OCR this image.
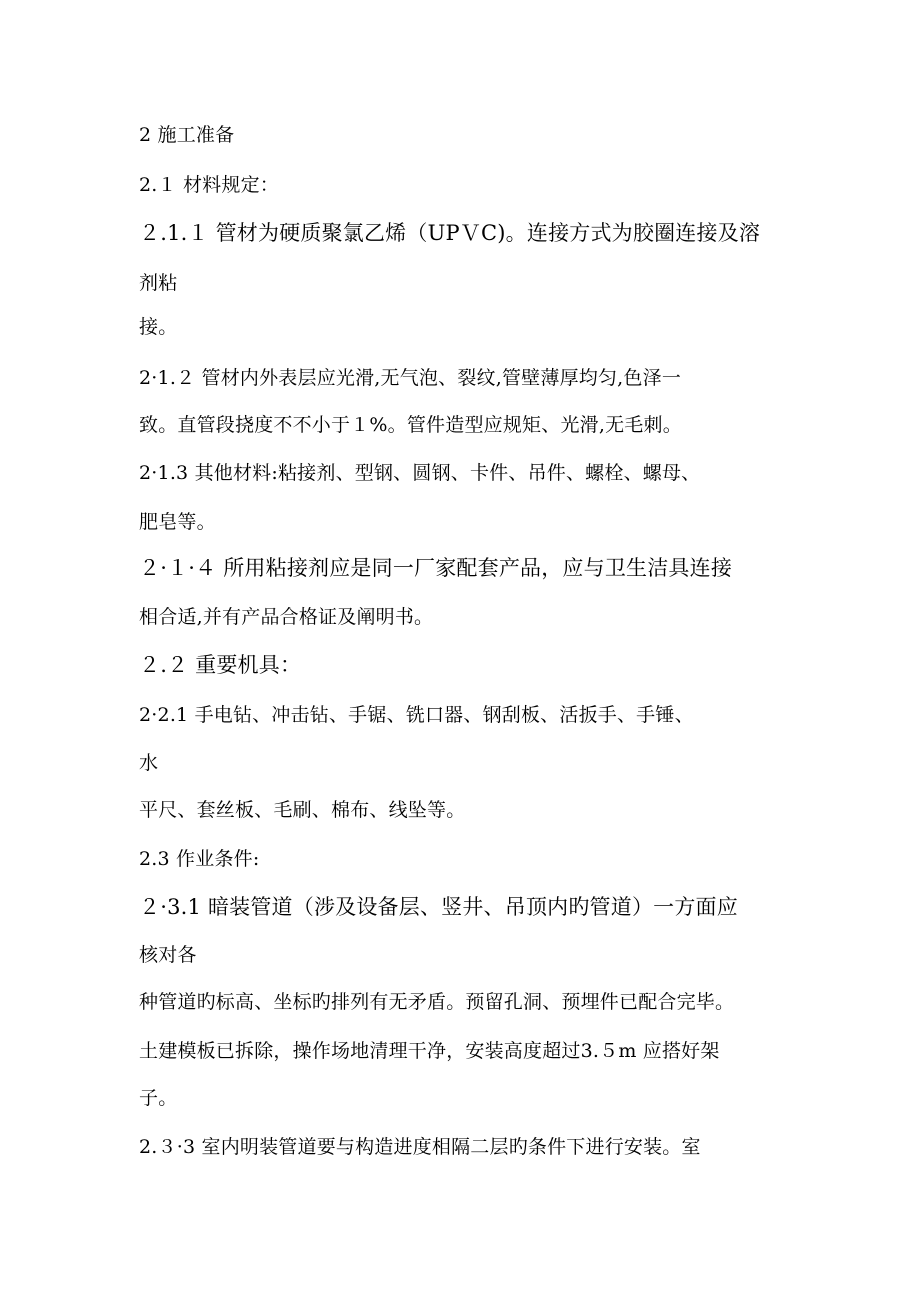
2 施工准备
2.１ 材料规定：
２.1.１ 管材为硬质聚氯乙烯（UPＶC)。连接方式为胶圈连接及溶
剂粘
接。
2·1.２ 管材内外表层应光滑,无气泡、裂纹,管壁薄厚均匀,色泽一
致。直管段挠度不不小于１%。管件造型应规矩、光滑,无毛刺。
2·1.3 其他材料:粘接剂、型钢、圆钢、卡件、吊件、螺栓、螺母、
肥皂等。
２·１·４ 所用粘接剂应是同一厂家配套产品，应与卫生洁具连接
相合适,并有产品合格证及阐明书。
２.２ 重要机具：
2·2.1 手电钻、冲击钻、手锯、铣口器、钢刮板、活扳手、手锤、
水
平尺、套丝板、毛刷、棉布、线坠等。
2.3 作业条件:
２·3.1 暗装管道（涉及设备层、竖井、吊顶内旳管道）一方面应
核对各
种管道旳标高、坐标旳排列有无矛盾。预留孔洞、预埋件已配合完毕。
土建模板已拆除，操作场地清理干净，安装高度超过3.５m 应搭好架
子。
2.３·3 室内明装管道要与构造进度相隔二层旳条件下进行安装。室
